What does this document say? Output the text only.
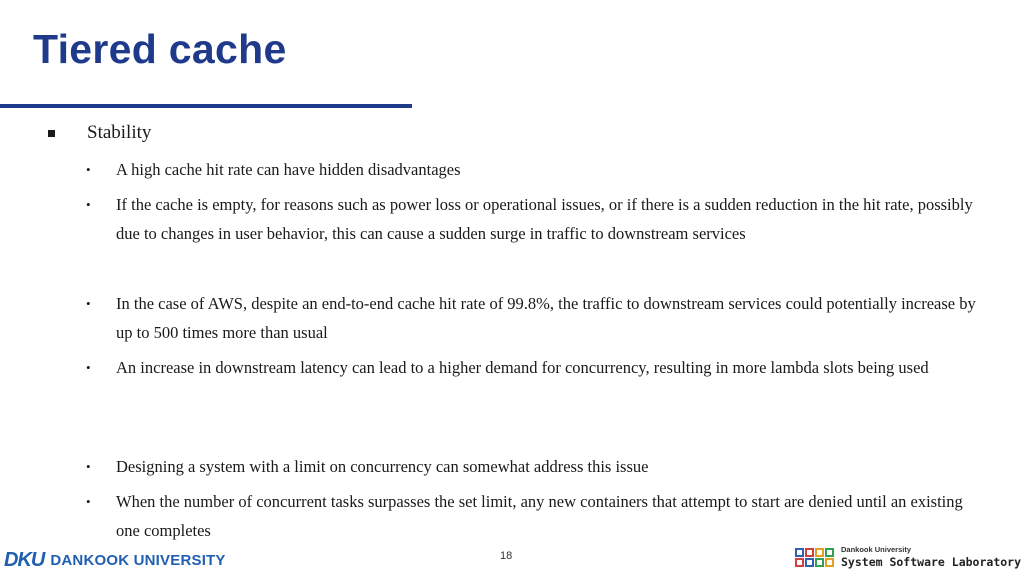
Tiered cache
Stability
• A high cache hit rate can have hidden disadvantages
• If the cache is empty, for reasons such as power loss or operational issues, or if there is a sudden reduction in the hit rate, possibly due to changes in user behavior, this can cause a sudden surge in traffic to downstream services
• In the case of AWS, despite an end-to-end cache hit rate of 99.8%, the traffic to downstream services could potentially increase by up to 500 times more than usual
• An increase in downstream latency can lead to a higher demand for concurrency, resulting in more lambda slots being used
• Designing a system with a limit on concurrency can somewhat address this issue
• When the number of concurrent tasks surpasses the set limit, any new containers that attempt to start are denied until an existing one completes
18
DKU DANKOOK UNIVERSITY
Dankook University
System Software Laboratory
